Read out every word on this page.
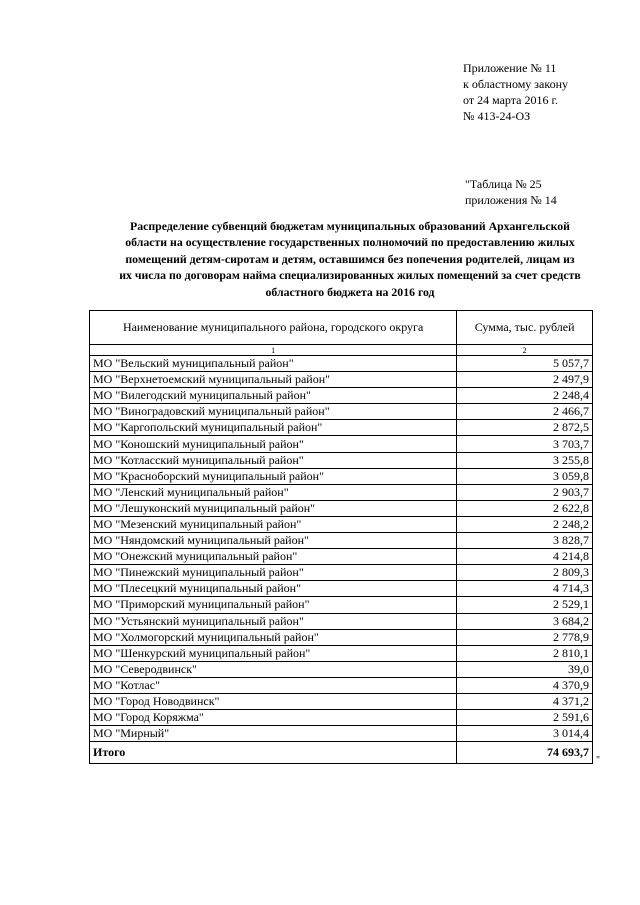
Приложение № 11
к областному закону
от 24 марта 2016 г.
№ 413-24-ОЗ
"Таблица № 25
приложения № 14
Распределение субвенций бюджетам муниципальных образований Архангельской
области на осуществление государственных полномочий по предоставлению жилых
помещений детям-сиротам и детям, оставшимся без попечения родителей, лицам из
их числа по договорам найма специализированных жилых помещений за счет средств
областного бюджета на 2016 год
Наименование муниципального района, городского округа	Сумма, тыс. рублей
1	2
МО "Вельский муниципальный район"	5 057,7
МО "Верхнетоемский муниципальный район"	2 497,9
МО "Вилегодский муниципальный район"	2 248,4
МО "Виноградовский муниципальный район"	2 466,7
МО "Каргопольский муниципальный район"	2 872,5
МО "Коношский муниципальный район"	3 703,7
МО "Котласский муниципальный район"	3 255,8
МО "Красноборский муниципальный район"	3 059,8
МО "Ленский муниципальный район"	2 903,7
МО "Лешуконский муниципальный район"	2 622,8
МО "Мезенский муниципальный район"	2 248,2
МО "Няндомский муниципальный район"	3 828,7
МО "Онежский муниципальный район"	4 214,8
МО "Пинежский муниципальный район"	2 809,3
МО "Плесецкий муниципальный район"	4 714,3
МО "Приморский муниципальный район"	2 529,1
МО "Устьянский муниципальный район"	3 684,2
МО "Холмогорский муниципальный район"	2 778,9
МО "Шенкурский муниципальный район"	2 810,1
МО "Северодвинск"	39,0
МО "Котлас"	4 370,9
МО "Город Новодвинск"	4 371,2
МО "Город Коряжма"	2 591,6
МО "Мирный"	3 014,4
Итого	74 693,7
"
